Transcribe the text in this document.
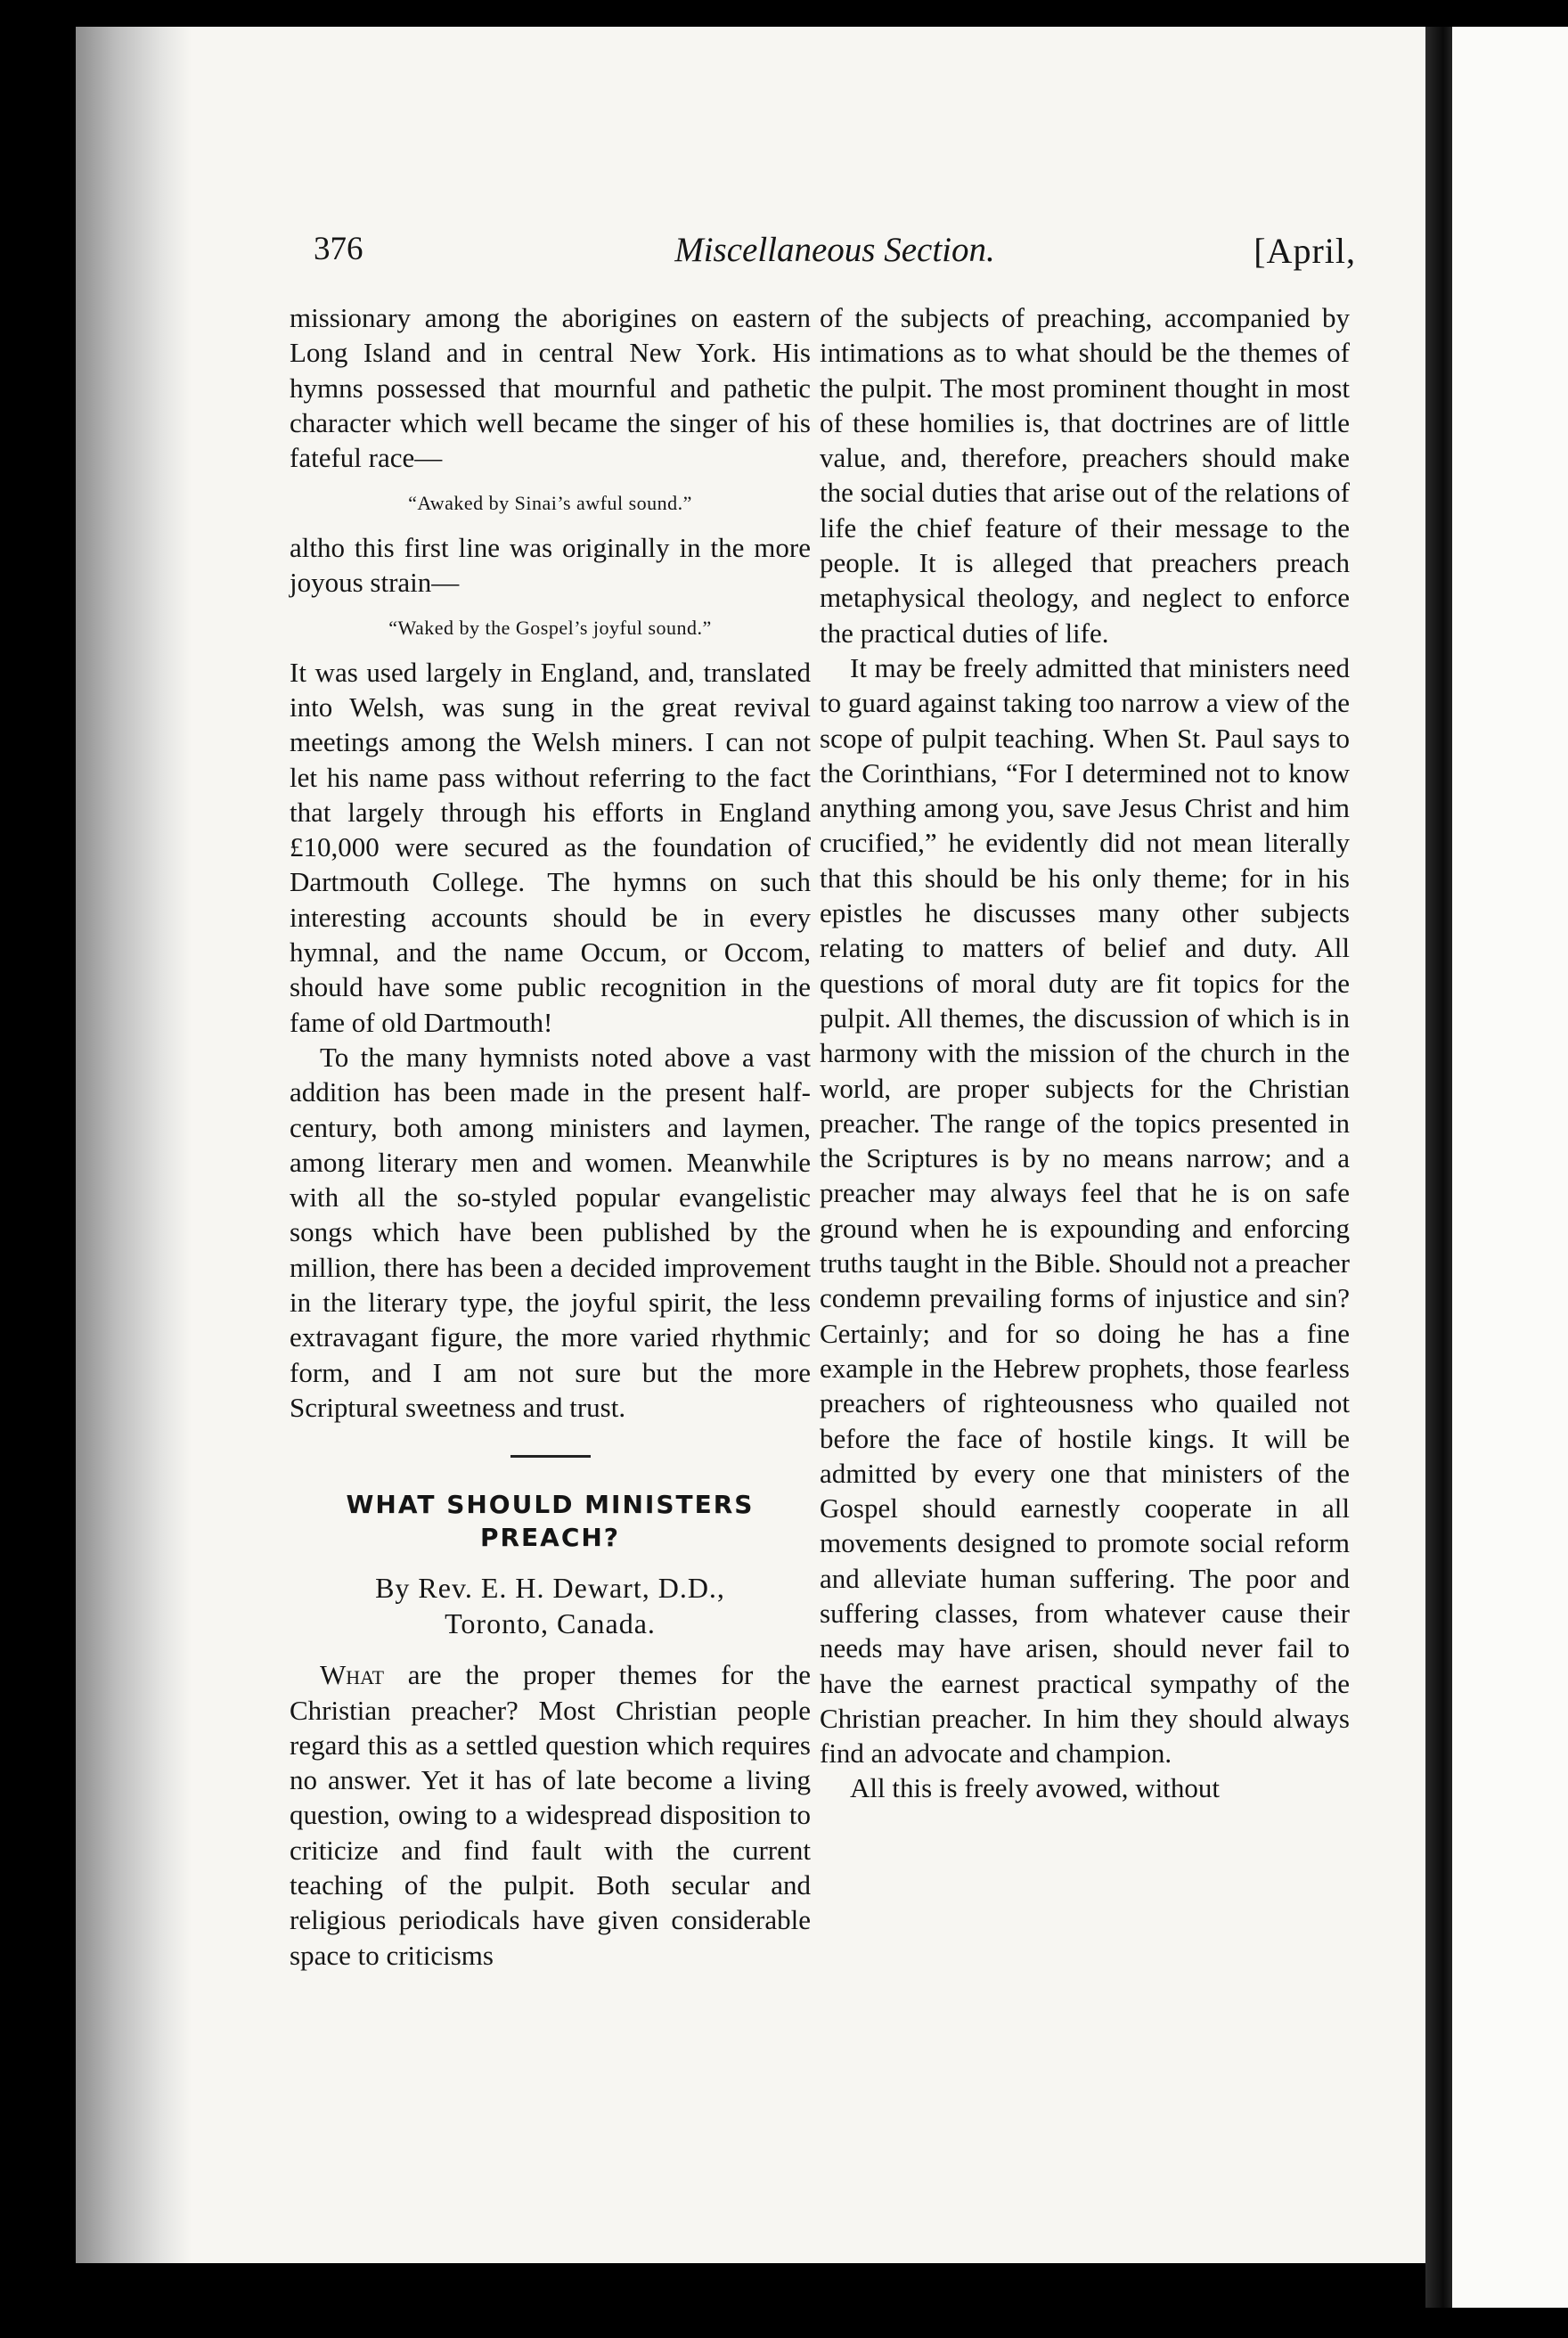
376	Miscellaneous Section.	[April,

missionary among the aborigines on eastern Long Island and in central New York. His hymns possessed that mournful and pathetic character which well became the singer of his fateful race—

“Awaked by Sinai’s awful sound.”

altho this first line was originally in the more joyous strain—

“Waked by the Gospel’s joyful sound.”

It was used largely in England, and, translated into Welsh, was sung in the great revival meetings among the Welsh miners. I can not let his name pass without referring to the fact that largely through his efforts in England £10,000 were secured as the foundation of Dartmouth College. The hymns on such interesting accounts should be in every hymnal, and the name Occum, or Occom, should have some public recognition in the fame of old Dartmouth!

To the many hymnists noted above a vast addition has been made in the present half-century, both among ministers and laymen, among literary men and women. Meanwhile with all the so-styled popular evangelistic songs which have been published by the million, there has been a decided improvement in the literary type, the joyful spirit, the less extravagant figure, the more varied rhythmic form, and I am not sure but the more Scriptural sweetness and trust.

WHAT SHOULD MINISTERS PREACH?

By Rev. E. H. Dewart, D.D.,
Toronto, Canada.

What are the proper themes for the Christian preacher? Most Christian people regard this as a settled question which requires no answer. Yet it has of late become a living question, owing to a widespread disposition to criticize and find fault with the current teaching of the pulpit. Both secular and religious periodicals have given considerable space to criticisms

of the subjects of preaching, accompanied by intimations as to what should be the themes of the pulpit. The most prominent thought in most of these homilies is, that doctrines are of little value, and, therefore, preachers should make the social duties that arise out of the relations of life the chief feature of their message to the people. It is alleged that preachers preach metaphysical theology, and neglect to enforce the practical duties of life.

It may be freely admitted that ministers need to guard against taking too narrow a view of the scope of pulpit teaching. When St. Paul says to the Corinthians, “For I determined not to know anything among you, save Jesus Christ and him crucified,” he evidently did not mean literally that this should be his only theme; for in his epistles he discusses many other subjects relating to matters of belief and duty. All questions of moral duty are fit topics for the pulpit. All themes, the discussion of which is in harmony with the mission of the church in the world, are proper subjects for the Christian preacher. The range of the topics presented in the Scriptures is by no means narrow; and a preacher may always feel that he is on safe ground when he is expounding and enforcing truths taught in the Bible. Should not a preacher condemn prevailing forms of injustice and sin? Certainly; and for so doing he has a fine example in the Hebrew prophets, those fearless preachers of righteousness who quailed not before the face of hostile kings. It will be admitted by every one that ministers of the Gospel should earnestly cooperate in all movements designed to promote social reform and alleviate human suffering. The poor and suffering classes, from whatever cause their needs may have arisen, should never fail to have the earnest practical sympathy of the Christian preacher. In him they should always find an advocate and champion.

All this is freely avowed, without
